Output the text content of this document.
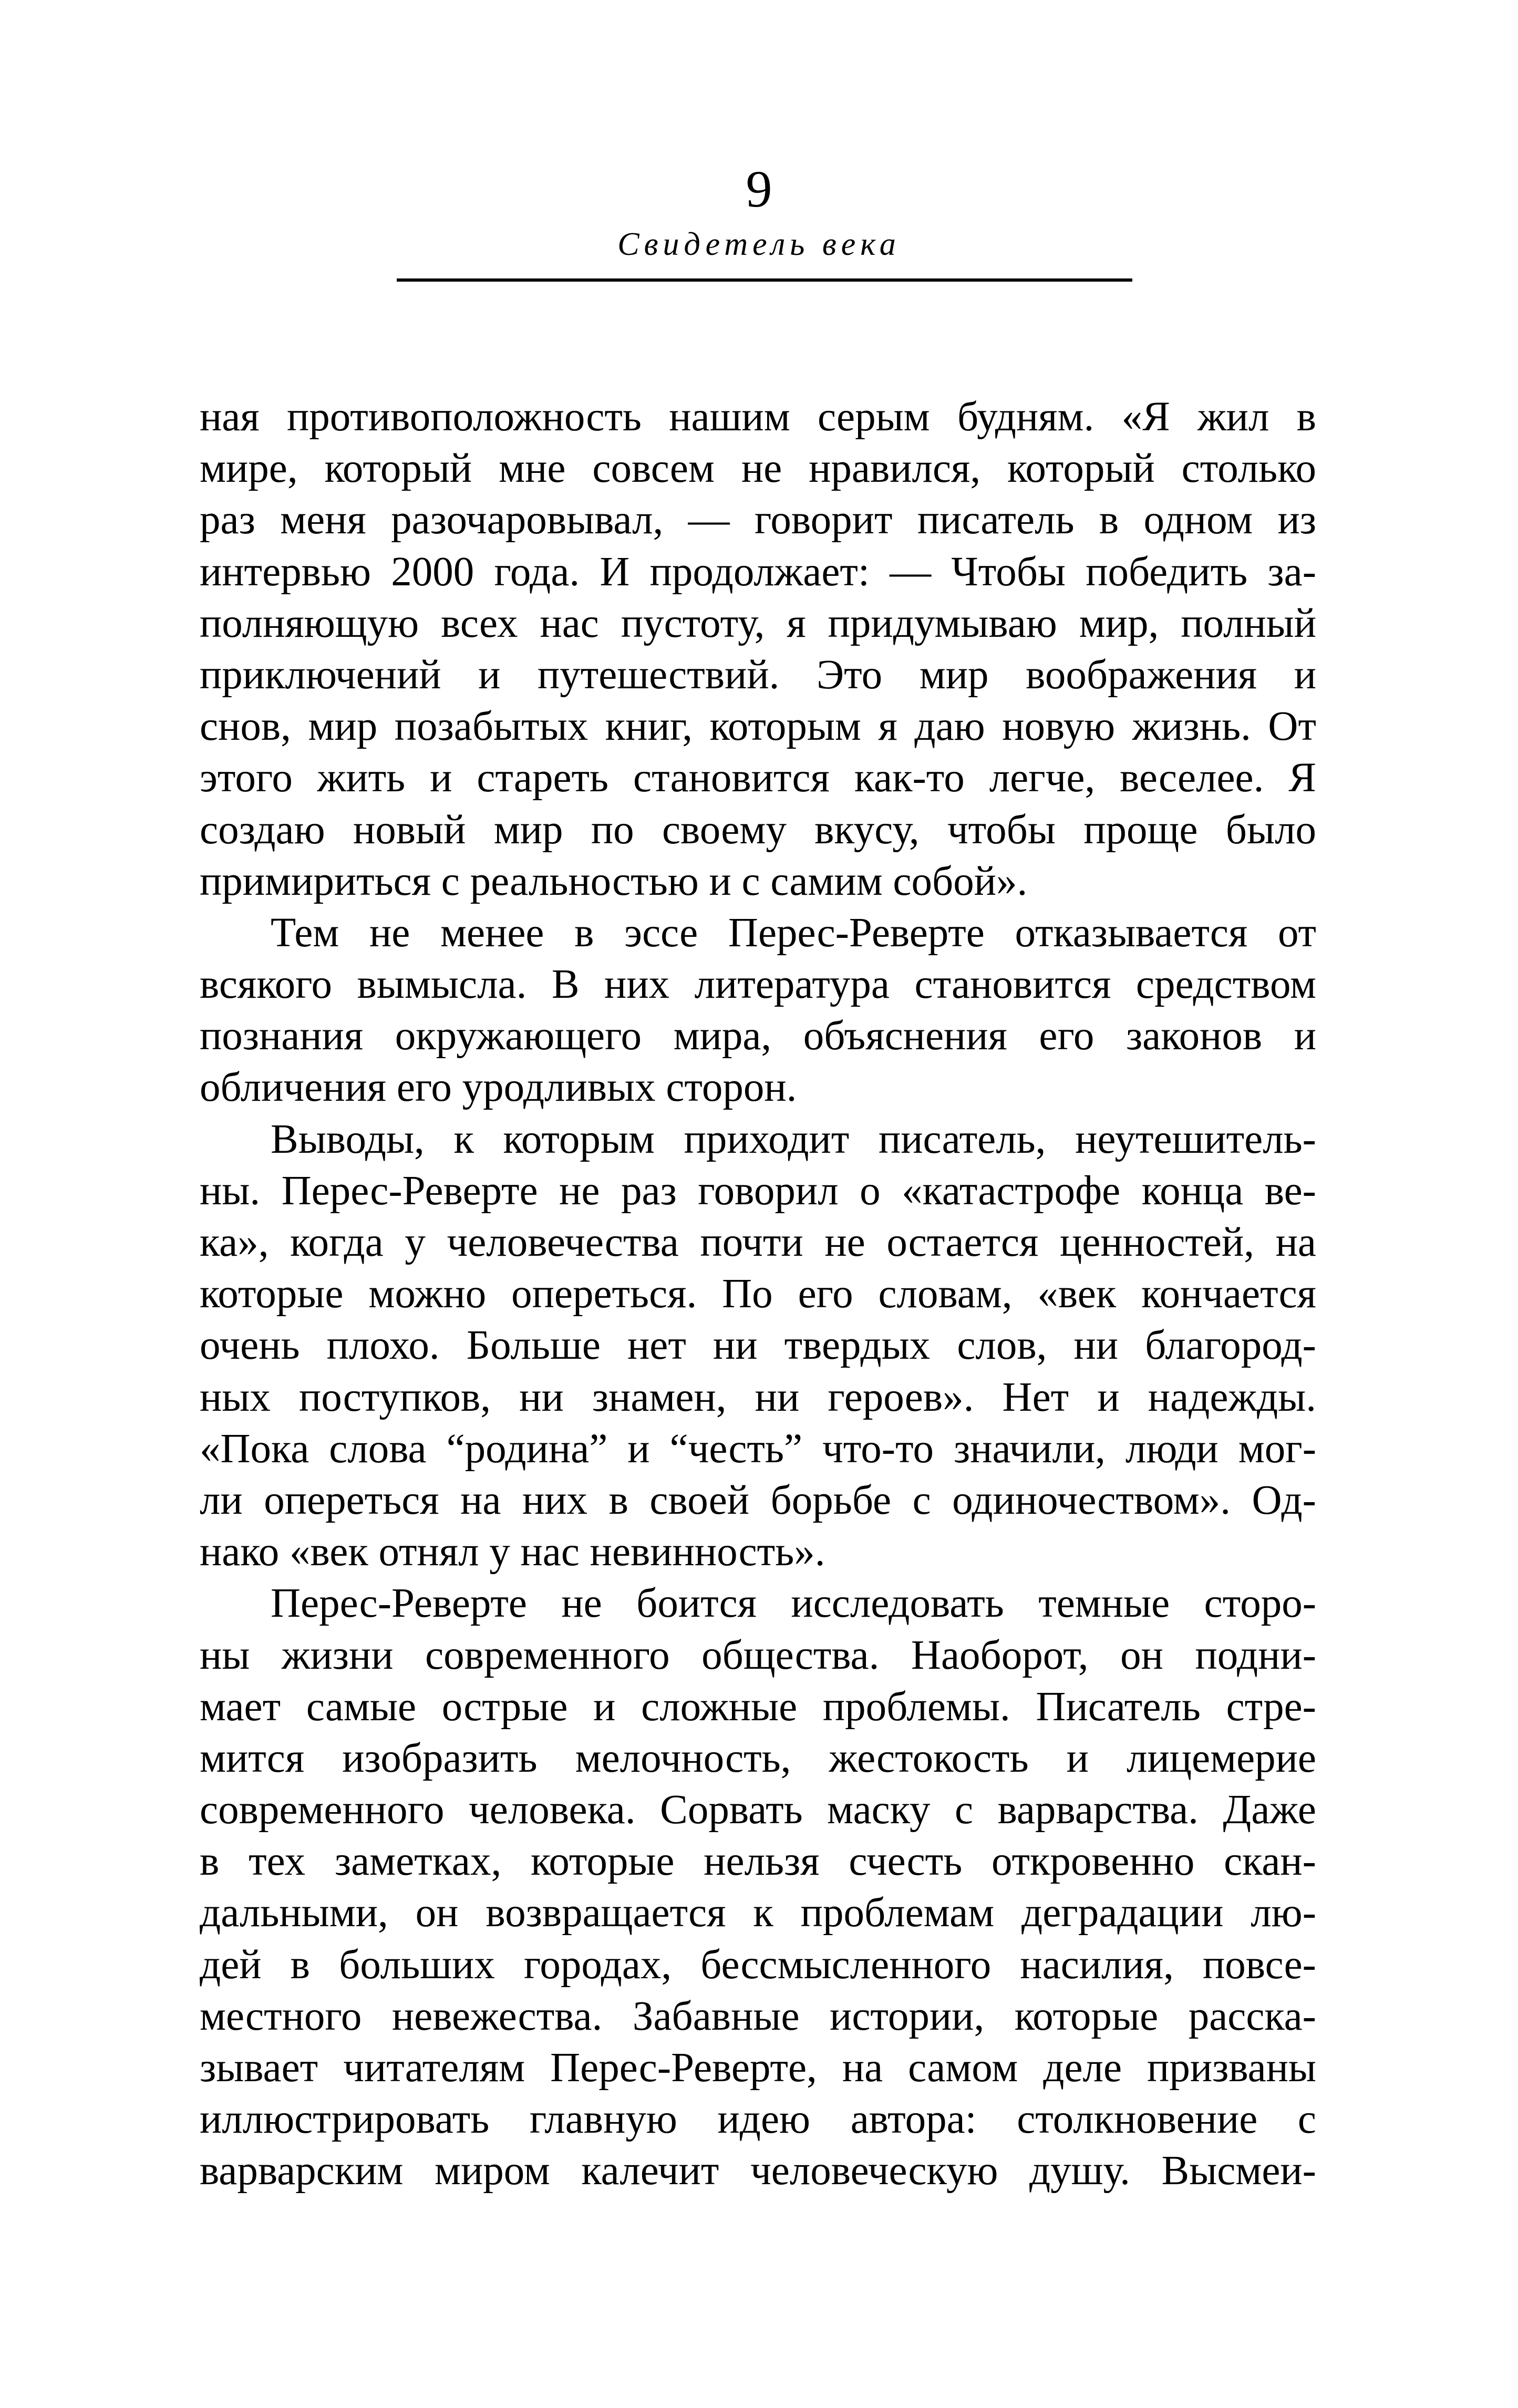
9
Свидетель века
ная противоположность нашим серым будням. «Я жил в
мире, который мне совсем не нравился, который столько
раз меня разочаровывал, — говорит писатель в одном из
интервью 2000 года. И продолжает: — Чтобы победить за-
полняющую всех нас пустоту, я придумываю мир, полный
приключений и путешествий. Это мир воображения и
снов, мир позабытых книг, которым я даю новую жизнь. От
этого жить и стареть становится как-то легче, веселее. Я
создаю новый мир по своему вкусу, чтобы проще было
примириться с реальностью и с самим собой».
Тем не менее в эссе Перес-Реверте отказывается от
всякого вымысла. В них литература становится средством
познания окружающего мира, объяснения его законов и
обличения его уродливых сторон.
Выводы, к которым приходит писатель, неутешитель-
ны. Перес-Реверте не раз говорил о «катастрофе конца ве-
ка», когда у человечества почти не остается ценностей, на
которые можно опереться. По его словам, «век кончается
очень плохо. Больше нет ни твердых слов, ни благород-
ных поступков, ни знамен, ни героев». Нет и надежды.
«Пока слова “родина” и “честь” что-то значили, люди мог-
ли опереться на них в своей борьбе с одиночеством». Од-
нако «век отнял у нас невинность».
Перес-Реверте не боится исследовать темные сторо-
ны жизни современного общества. Наоборот, он подни-
мает самые острые и сложные проблемы. Писатель стре-
мится изобразить мелочность, жестокость и лицемерие
современного человека. Сорвать маску с варварства. Даже
в тех заметках, которые нельзя счесть откровенно скан-
дальными, он возвращается к проблемам деградации лю-
дей в больших городах, бессмысленного насилия, повсе-
местного невежества. Забавные истории, которые расска-
зывает читателям Перес-Реверте, на самом деле призваны
иллюстрировать главную идею автора: столкновение с
варварским миром калечит человеческую душу. Высмеи-
